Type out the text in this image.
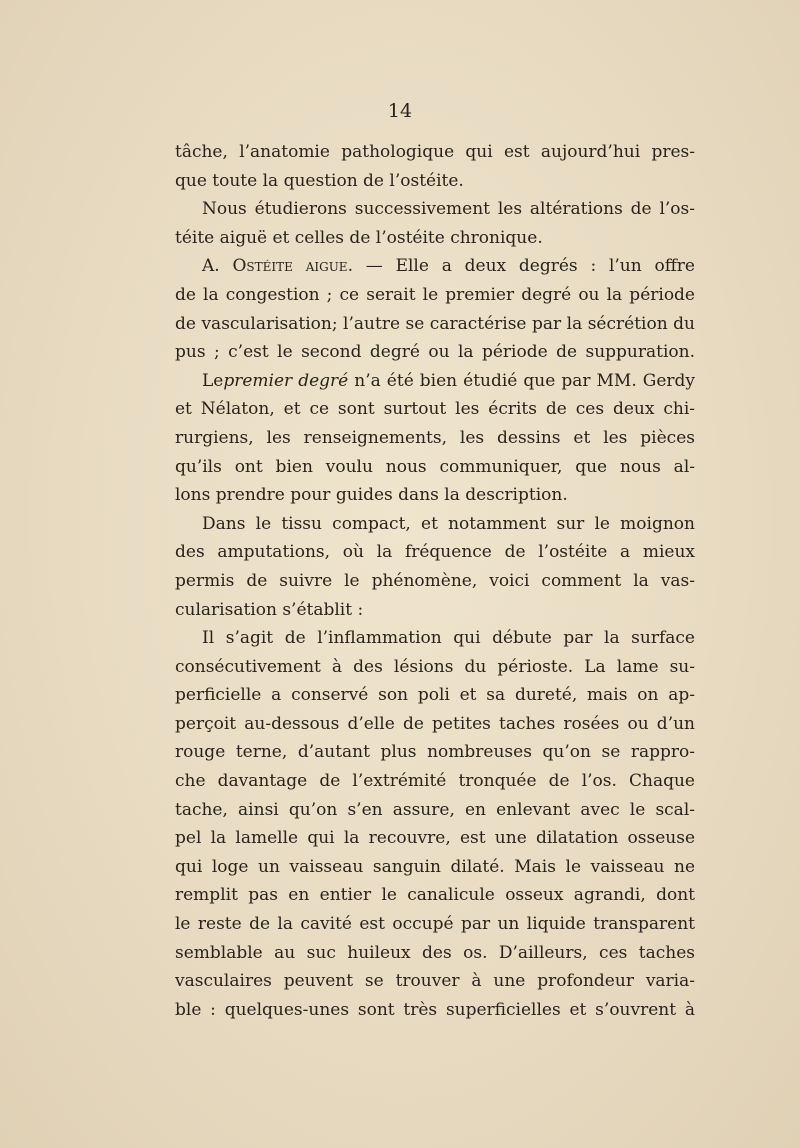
14
tâche, l’anatomie pathologique qui est aujourd’hui pres-
que toute la question de l’ostéite.
Nous étudierons successivement les altérations de l’os-
téite aiguë et celles de l’ostéite chronique.
A. Ostéite aigue. — Elle a deux degrés : l’un offre
de la congestion ; ce serait le premier degré ou la période
de vascularisation; l’autre se caractérise par la sécrétion du
pus ; c’est le second degré ou la période de suppuration.
Lepremier degré n’a été bien étudié que par MM. Gerdy
et Nélaton, et ce sont surtout les écrits de ces deux chi-
rurgiens, les renseignements, les dessins et les pièces
qu’ils ont bien voulu nous communiquer, que nous al-
lons prendre pour guides dans la description.
Dans le tissu compact, et notamment sur le moignon
des amputations, où la fréquence de l’ostéite a mieux
permis de suivre le phénomène, voici comment la vas-
cularisation s’établit :
Il s’agit de l’inflammation qui débute par la surface
consécutivement à des lésions du périoste. La lame su-
perficielle a conservé son poli et sa dureté, mais on ap-
perçoit au-dessous d’elle de petites taches rosées ou d’un
rouge terne, d’autant plus nombreuses qu’on se rappro-
che davantage de l’extrémité tronquée de l’os. Chaque
tache, ainsi qu’on s’en assure, en enlevant avec le scal-
pel la lamelle qui la recouvre, est une dilatation osseuse
qui loge un vaisseau sanguin dilaté. Mais le vaisseau ne
remplit pas en entier le canalicule osseux agrandi, dont
le reste de la cavité est occupé par un liquide transparent
semblable au suc huileux des os. D’ailleurs, ces taches
vasculaires peuvent se trouver à une profondeur varia-
ble : quelques-unes sont très superficielles et s’ouvrent à
